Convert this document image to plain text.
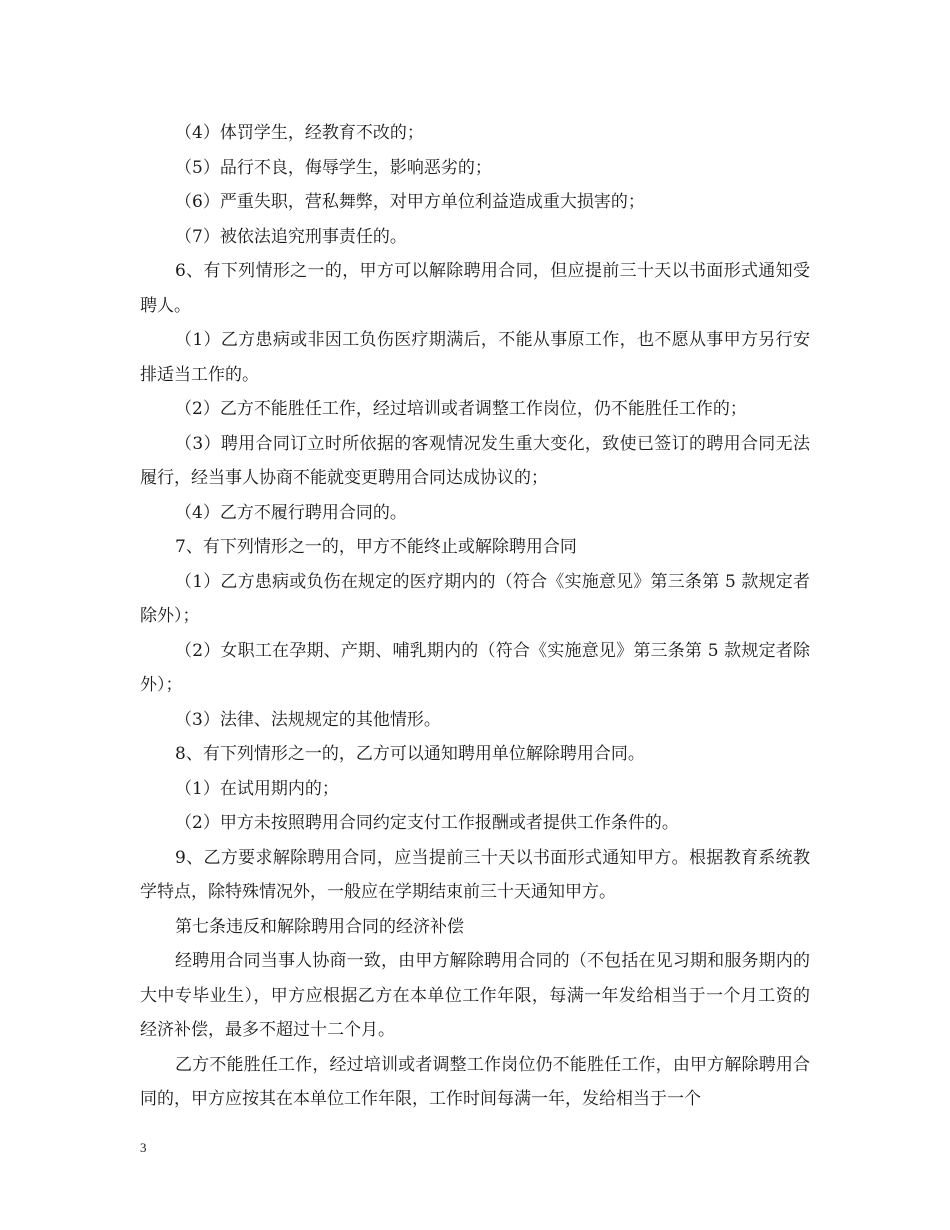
（4）体罚学生，经教育不改的；

（5）品行不良，侮辱学生，影响恶劣的；

（6）严重失职，营私舞弊，对甲方单位利益造成重大损害的；

（7）被依法追究刑事责任的。

6、有下列情形之一的，甲方可以解除聘用合同，但应提前三十天以书面形式通知受聘人。

（1）乙方患病或非因工负伤医疗期满后，不能从事原工作，也不愿从事甲方另行安排适当工作的。

（2）乙方不能胜任工作，经过培训或者调整工作岗位，仍不能胜任工作的；

（3）聘用合同订立时所依据的客观情况发生重大变化，致使已签订的聘用合同无法履行，经当事人协商不能就变更聘用合同达成协议的；

（4）乙方不履行聘用合同的。

7、有下列情形之一的，甲方不能终止或解除聘用合同

（1）乙方患病或负伤在规定的医疗期内的（符合《实施意见》第三条第 5 款规定者除外）；

（2）女职工在孕期、产期、哺乳期内的（符合《实施意见》第三条第 5 款规定者除外）；

（3）法律、法规规定的其他情形。

8、有下列情形之一的，乙方可以通知聘用单位解除聘用合同。

（1）在试用期内的；

（2）甲方未按照聘用合同约定支付工作报酬或者提供工作条件的。

9、乙方要求解除聘用合同，应当提前三十天以书面形式通知甲方。根据教育系统教学特点，除特殊情况外，一般应在学期结束前三十天通知甲方。

第七条违反和解除聘用合同的经济补偿

经聘用合同当事人协商一致，由甲方解除聘用合同的（不包括在见习期和服务期内的大中专毕业生），甲方应根据乙方在本单位工作年限，每满一年发给相当于一个月工资的经济补偿，最多不超过十二个月。

乙方不能胜任工作，经过培训或者调整工作岗位仍不能胜任工作，由甲方解除聘用合同的，甲方应按其在本单位工作年限，工作时间每满一年，发给相当于一个

3
